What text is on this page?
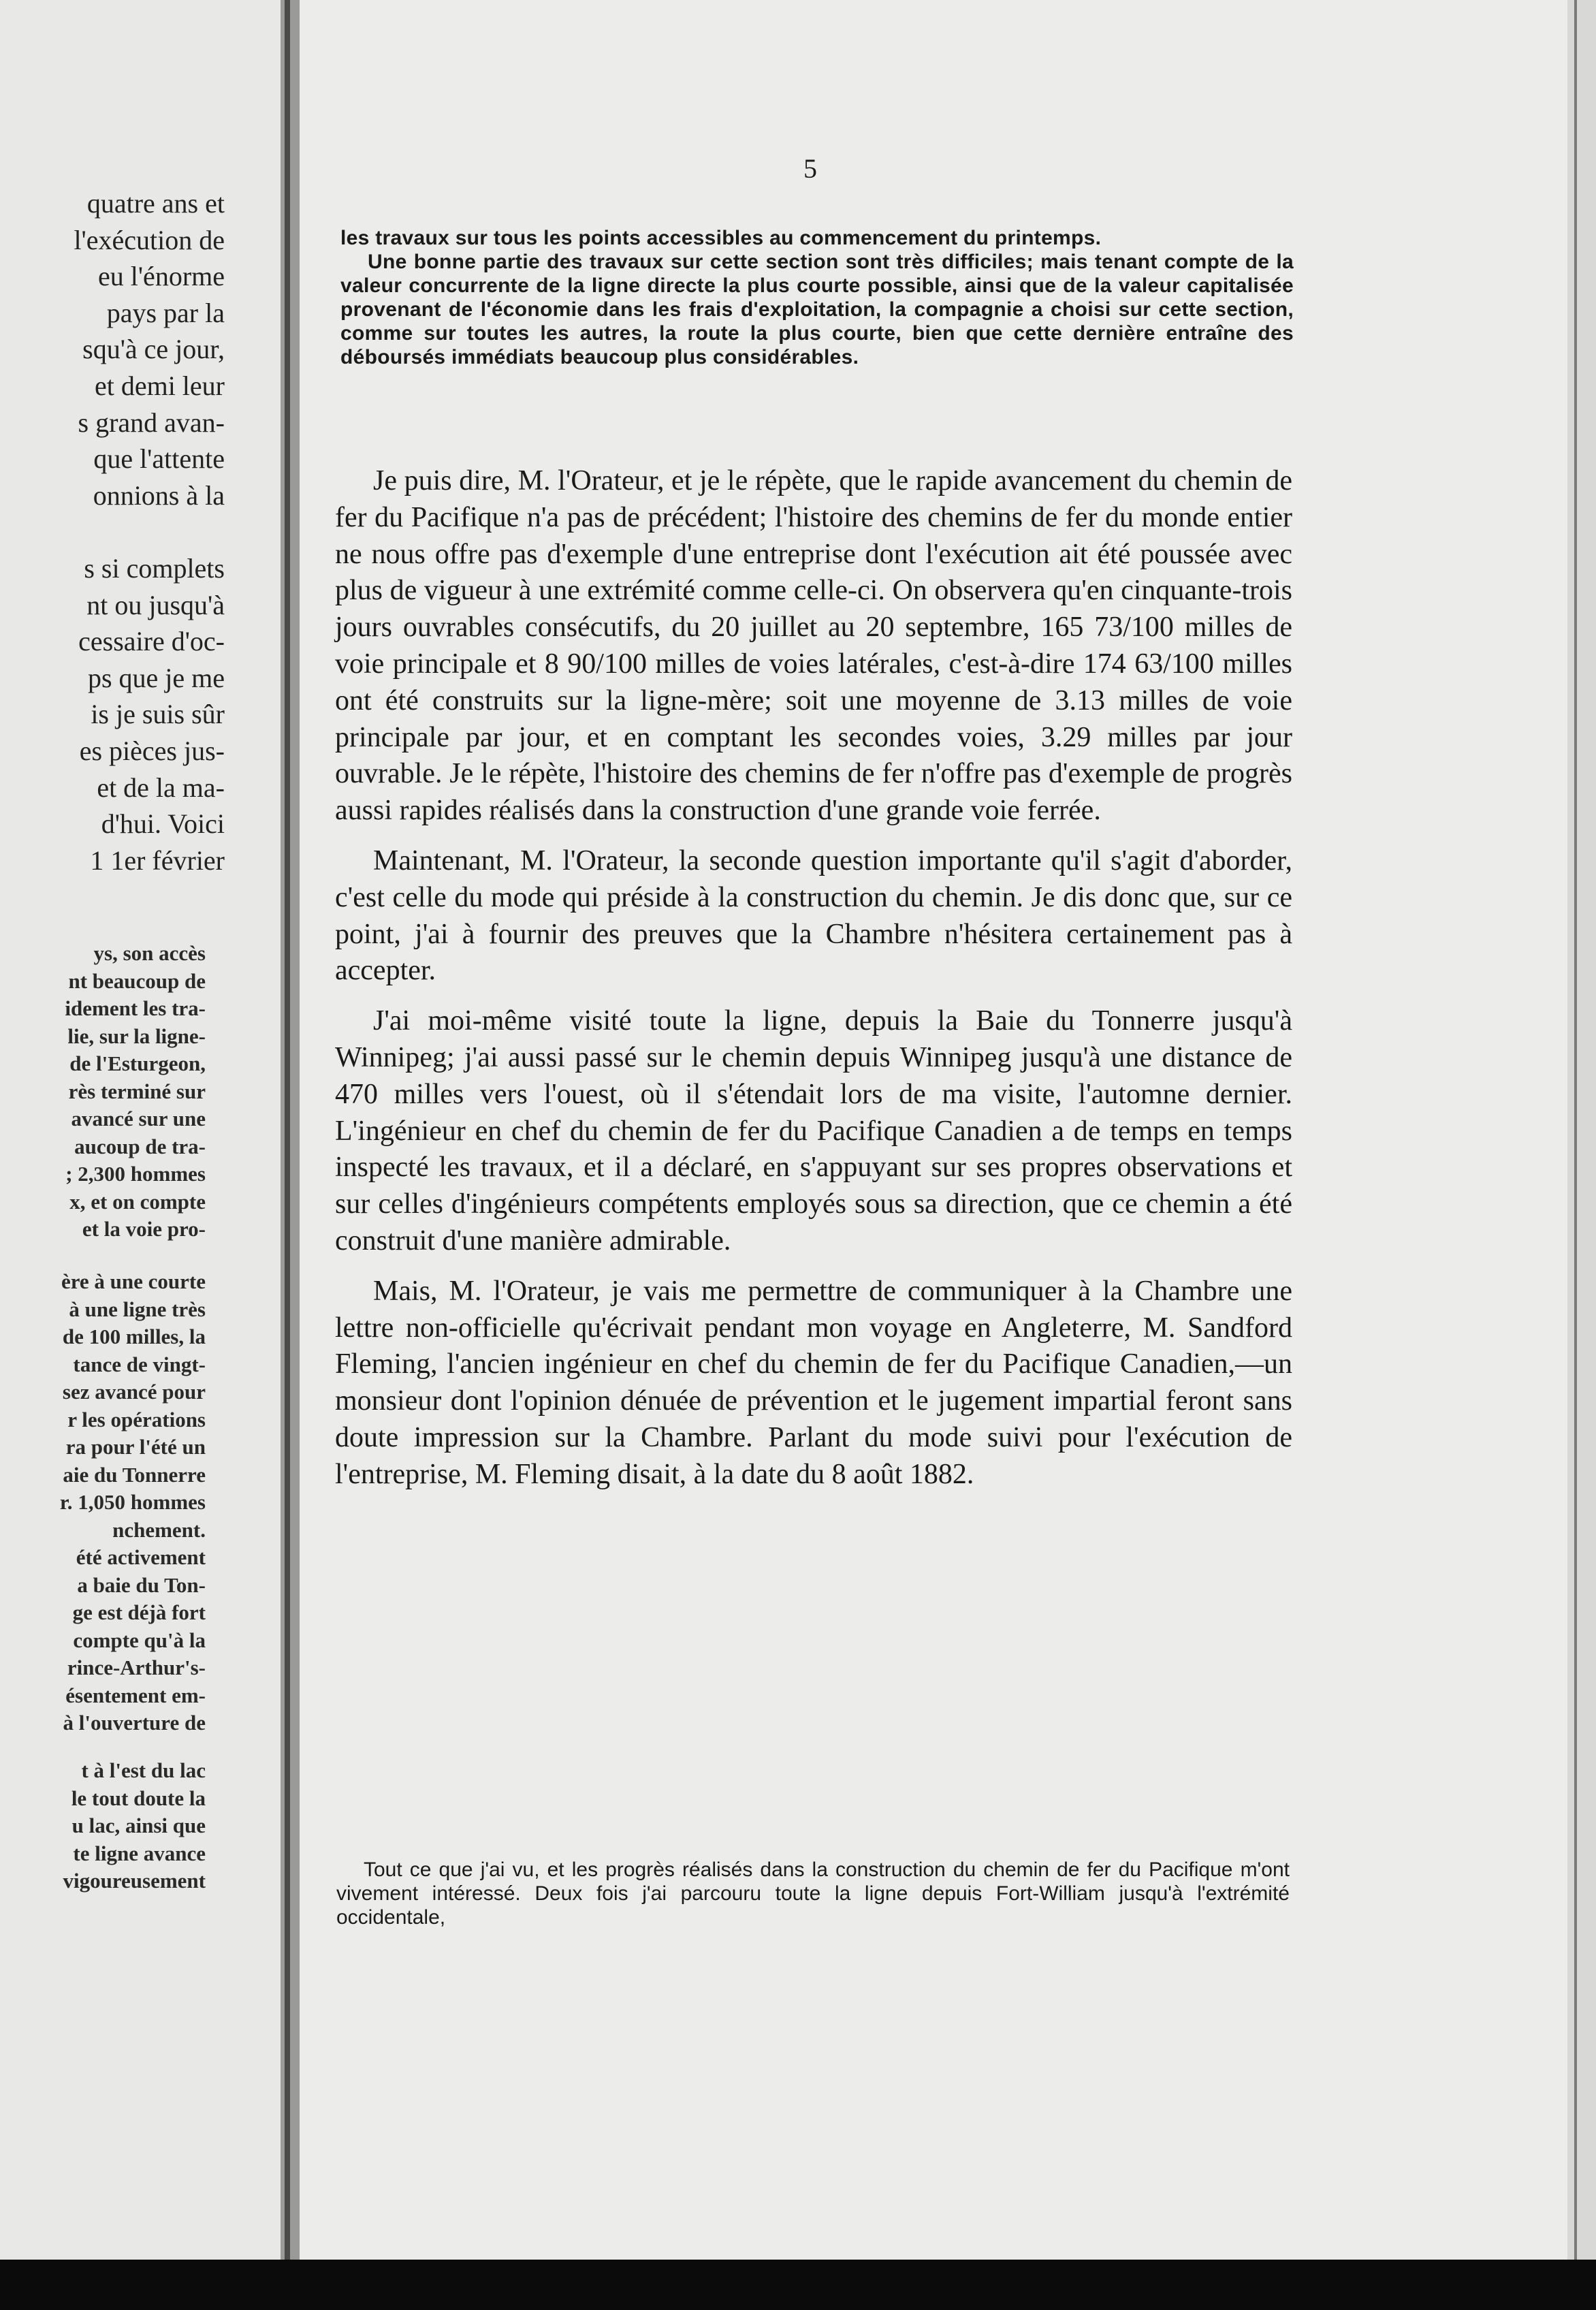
quatre ans et
l'exécution de
eu l'énorme
pays par la
squ'à ce jour,
et demi leur
s grand avan-
que l'attente
onnions à la

s si complets
nt ou jusqu'à
cessaire d'oc-
ps que je me
is je suis sûr
es pièces jus-
et de la ma-
d'hui. Voici
1 1er février
ys, son accès
nt beaucoup de
idement les tra-
lie, sur la ligne-
de l'Esturgeon,
rès terminé sur
avancé sur une
aucoup de tra-
; 2,300 hommes
x, et on compte
et la voie pro-
ère à une courte
à une ligne très
de 100 milles, la
tance de vingt-
sez avancé pour
r les opérations
ra pour l'été un
aie du Tonnerre
r. 1,050 hommes
nchement.
été activement
a baie du Ton-
ge est déjà fort
compte qu'à la
rince-Arthur's-
ésentement em-
à l'ouverture de
t à l'est du lac
le tout doute la
u lac, ainsi que
te ligne avance
vigoureusement
5

les travaux sur tous les points accessibles au commencement du printemps.

Une bonne partie des travaux sur cette section sont très difficiles; mais tenant compte de la valeur concurrente de la ligne directe la plus courte possible, ainsi que de la valeur capitalisée provenant de l'économie dans les frais d'exploitation, la compagnie a choisi sur cette section, comme sur toutes les autres, la route la plus courte, bien que cette dernière entraîne des déboursés immédiats beaucoup plus considérables.

Je puis dire, M. l'Orateur, et je le répète, que le rapide avancement du chemin de fer du Pacifique n'a pas de précédent; l'histoire des chemins de fer du monde entier ne nous offre pas d'exemple d'une entreprise dont l'exécution ait été poussée avec plus de vigueur à une extrémité comme celle-ci. On observera qu'en cinquante-trois jours ouvrables consécutifs, du 20 juillet au 20 septembre, 165 73/100 milles de voie principale et 8 90/100 milles de voies latérales, c'est-à-dire 174 63/100 milles ont été construits sur la ligne-mère; soit une moyenne de 3.13 milles de voie principale par jour, et en comptant les secondes voies, 3.29 milles par jour ouvrable. Je le répète, l'histoire des chemins de fer n'offre pas d'exemple de progrès aussi rapides réalisés dans la construction d'une grande voie ferrée.

Maintenant, M. l'Orateur, la seconde question importante qu'il s'agit d'aborder, c'est celle du mode qui préside à la construction du chemin. Je dis donc que, sur ce point, j'ai à fournir des preuves que la Chambre n'hésitera certainement pas à accepter.

J'ai moi-même visité toute la ligne, depuis la Baie du Tonnerre jusqu'à Winnipeg; j'ai aussi passé sur le chemin depuis Winnipeg jusqu'à une distance de 470 milles vers l'ouest, où il s'étendait lors de ma visite, l'automne dernier. L'ingénieur en chef du chemin de fer du Pacifique Canadien a de temps en temps inspecté les travaux, et il a déclaré, en s'appuyant sur ses propres observations et sur celles d'ingénieurs compétents employés sous sa direction, que ce chemin a été construit d'une manière admirable.

Mais, M. l'Orateur, je vais me permettre de communiquer à la Chambre une lettre non-officielle qu'écrivait pendant mon voyage en Angleterre, M. Sandford Fleming, l'ancien ingénieur en chef du chemin de fer du Pacifique Canadien,—un monsieur dont l'opinion dénuée de prévention et le jugement impartial feront sans doute impression sur la Chambre. Parlant du mode suivi pour l'exécution de l'entreprise, M. Fleming disait, à la date du 8 août 1882.

Tout ce que j'ai vu, et les progrès réalisés dans la construction du chemin de fer du Pacifique m'ont vivement intéressé. Deux fois j'ai parcouru toute la ligne depuis Fort-William jusqu'à l'extrémité occidentale,
